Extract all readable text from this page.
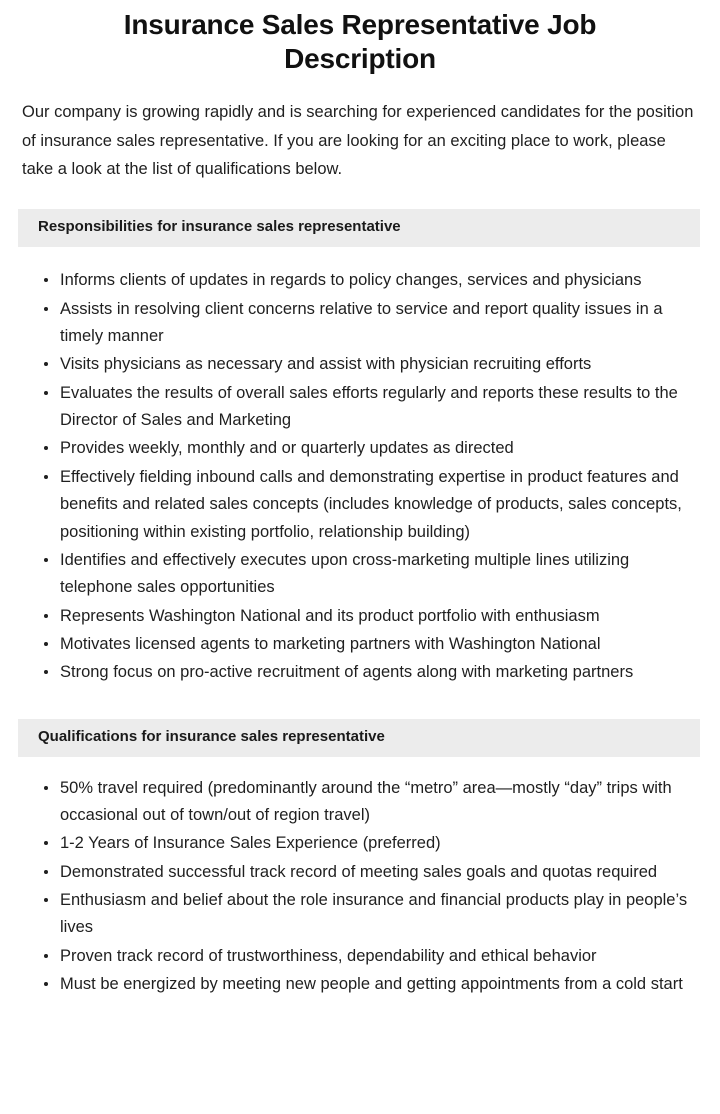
Insurance Sales Representative Job Description

Our company is growing rapidly and is searching for experienced candidates for the position of insurance sales representative. If you are looking for an exciting place to work, please take a look at the list of qualifications below.

Responsibilities for insurance sales representative
Informs clients of updates in regards to policy changes, services and physicians
Assists in resolving client concerns relative to service and report quality issues in a timely manner
Visits physicians as necessary and assist with physician recruiting efforts
Evaluates the results of overall sales efforts regularly and reports these results to the Director of Sales and Marketing
Provides weekly, monthly and or quarterly updates as directed
Effectively fielding inbound calls and demonstrating expertise in product features and benefits and related sales concepts (includes knowledge of products, sales concepts, positioning within existing portfolio, relationship building)
Identifies and effectively executes upon cross-marketing multiple lines utilizing telephone sales opportunities
Represents Washington National and its product portfolio with enthusiasm
Motivates licensed agents to marketing partners with Washington National
Strong focus on pro-active recruitment of agents along with marketing partners
Qualifications for insurance sales representative
50% travel required (predominantly around the “metro” area—mostly “day” trips with occasional out of town/out of region travel)
1-2 Years of Insurance Sales Experience (preferred)
Demonstrated successful track record of meeting sales goals and quotas required
Enthusiasm and belief about the role insurance and financial products play in people’s lives
Proven track record of trustworthiness, dependability and ethical behavior
Must be energized by meeting new people and getting appointments from a cold start
